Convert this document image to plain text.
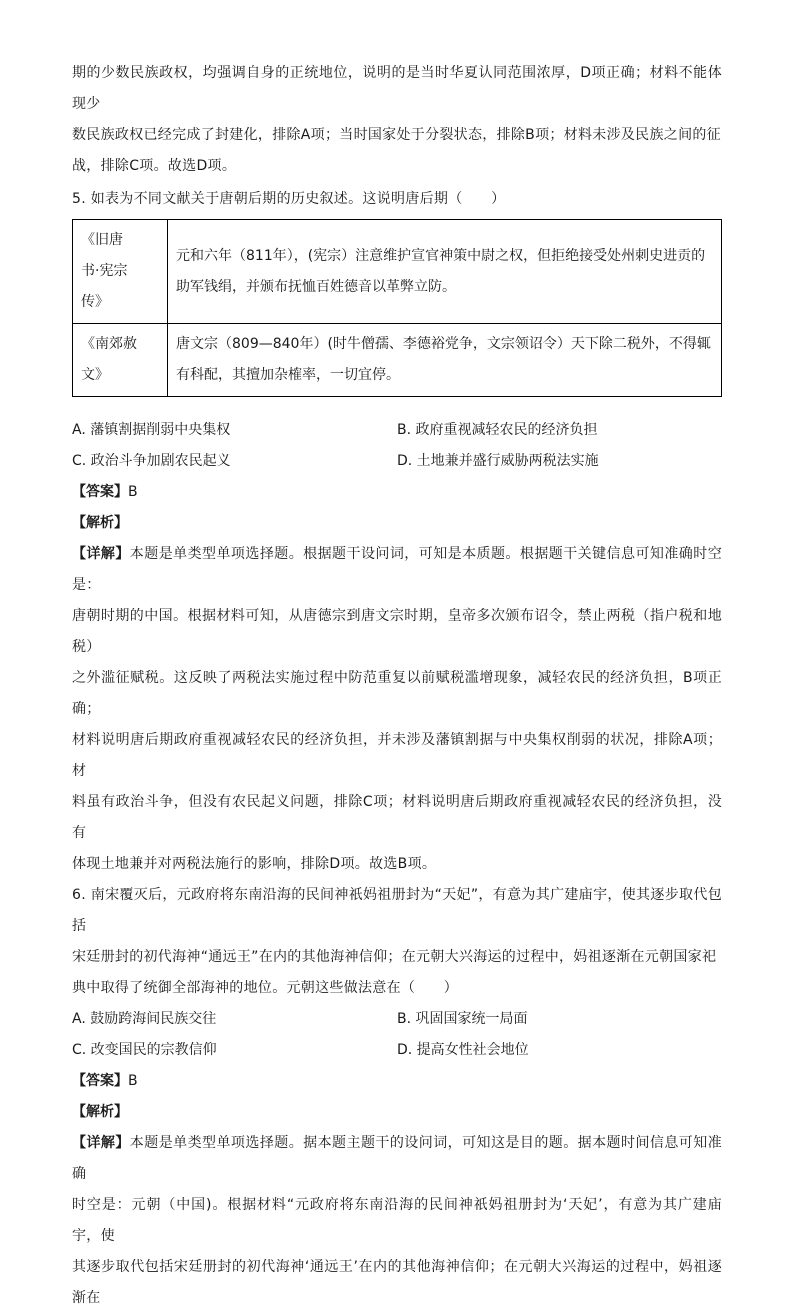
期的少数民族政权，均强调自身的正统地位，说明的是当时华夏认同范围浓厚，D项正确；材料不能体现少

数民族政权已经完成了封建化，排除A项；当时国家处于分裂状态，排除B项；材料未涉及民族之间的征

战，排除C项。故选D项。

5. 如表为不同文献关于唐朝后期的历史叙述。这说明唐后期（　　）

《旧唐
书·宪宗
传》	元和六年（811年），(宪宗）注意维护宣官神策中尉之权，但拒绝接受处州刺史进贡的助军钱绢，并颁布抚恤百姓德音以革弊立防。
《南郊赦
文》	唐文宗（809—840年）(时牛僧孺、李德裕党争，文宗领诏令）天下除二税外，不得辄有科配，其擅加杂榷率，一切宜停。
A. 藩镇割据削弱中央集权	B. 政府重视减轻农民的经济负担
C. 政治斗争加剧农民起义	D. 土地兼并盛行威胁两税法实施

【答案】B

【解析】

【详解】本题是单类型单项选择题。根据题干设问词，可知是本质题。根据题干关键信息可知准确时空是：

唐朝时期的中国。根据材料可知，从唐德宗到唐文宗时期，皇帝多次颁布诏令，禁止两税（指户税和地税）

之外滥征赋税。这反映了两税法实施过程中防范重复以前赋税滥增现象，减轻农民的经济负担，B项正确；

材料说明唐后期政府重视减轻农民的经济负担，并未涉及藩镇割据与中央集权削弱的状况，排除A项；材

料虽有政治斗争，但没有农民起义问题，排除C项；材料说明唐后期政府重视减轻农民的经济负担，没有

体现土地兼并对两税法施行的影响，排除D项。故选B项。

6. 南宋覆灭后，元政府将东南沿海的民间神祇妈祖册封为“天妃”，有意为其广建庙宇，使其逐步取代包括

宋廷册封的初代海神“通远王”在内的其他海神信仰；在元朝大兴海运的过程中，妈祖逐渐在元朝国家祀

典中取得了统御全部海神的地位。元朝这些做法意在（　　）

A. 鼓励跨海间民族交往	B. 巩固国家统一局面
C. 改变国民的宗教信仰	D. 提高女性社会地位

【答案】B

【解析】

【详解】本题是单类型单项选择题。据本题主题干的设问词，可知这是目的题。据本题时间信息可知准确

时空是：元朝（中国)。根据材料“元政府将东南沿海的民间神祇妈祖册封为‘天妃’，有意为其广建庙宇，使

其逐步取代包括宋廷册封的初代海神‘通远王’在内的其他海神信仰；在元朝大兴海运的过程中，妈祖逐渐在
